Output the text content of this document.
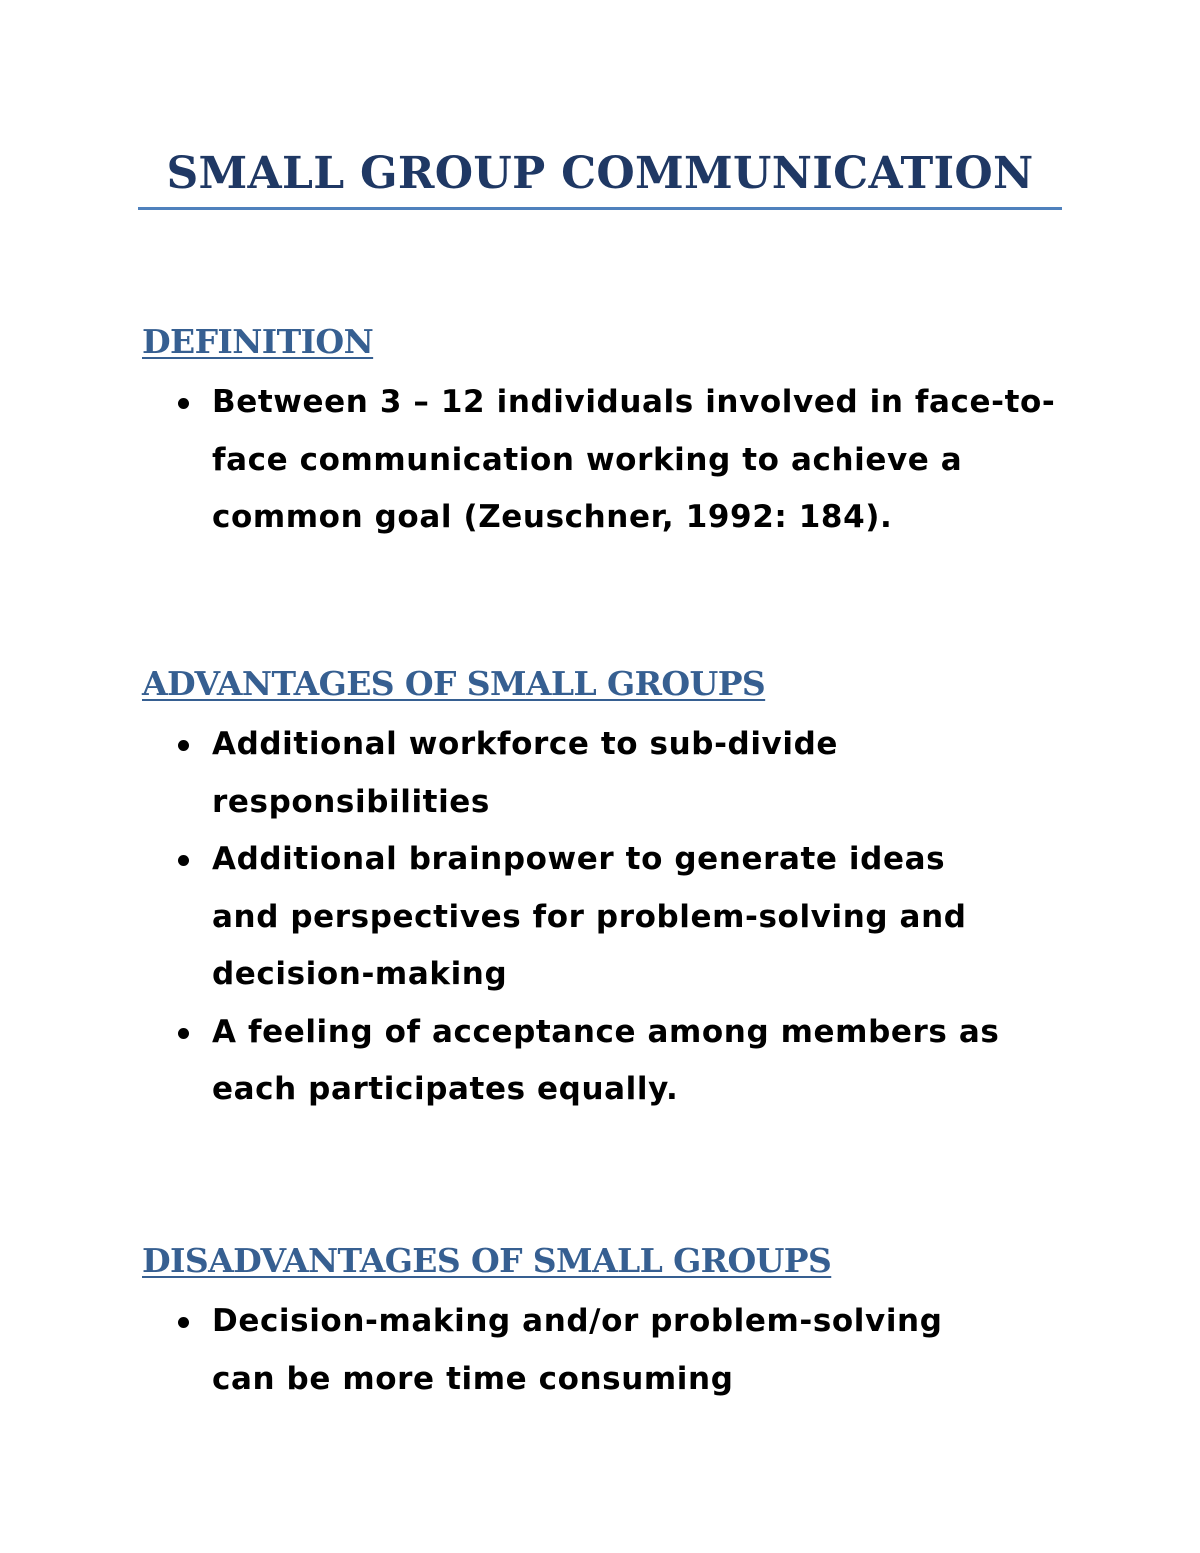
SMALL GROUP COMMUNICATION
DEFINITION
Between 3 – 12 individuals involved in face-to-face communication working to achieve a common goal (Zeuschner, 1992: 184).
ADVANTAGES OF SMALL GROUPS
Additional workforce to sub-divide responsibilities
Additional brainpower to generate ideas and perspectives for problem-solving and decision-making
A feeling of acceptance among members as each participates equally.
DISADVANTAGES OF SMALL GROUPS
Decision-making and/or problem-solving can be more time consuming
